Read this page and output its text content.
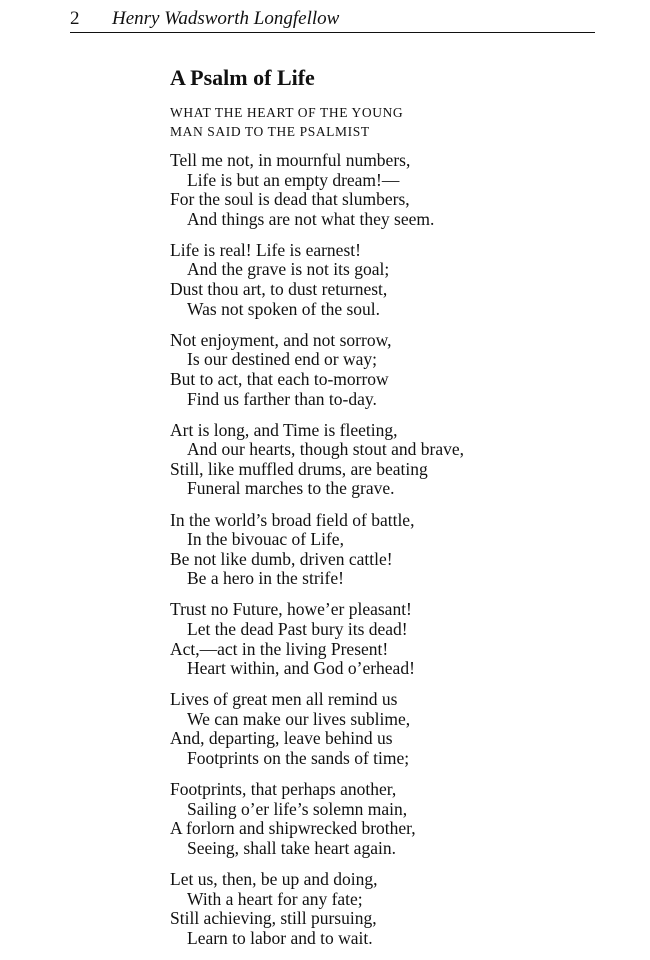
2 Henry Wadsworth Longfellow
A Psalm of Life
WHAT THE HEART OF THE YOUNG
MAN SAID TO THE PSALMIST
Tell me not, in mournful numbers,
Life is but an empty dream!—
For the soul is dead that slumbers,
And things are not what they seem.
Life is real! Life is earnest!
And the grave is not its goal;
Dust thou art, to dust returnest,
Was not spoken of the soul.
Not enjoyment, and not sorrow,
Is our destined end or way;
But to act, that each to-morrow
Find us farther than to-day.
Art is long, and Time is fleeting,
And our hearts, though stout and brave,
Still, like muffled drums, are beating
Funeral marches to the grave.
In the world’s broad field of battle,
In the bivouac of Life,
Be not like dumb, driven cattle!
Be a hero in the strife!
Trust no Future, howe’er pleasant!
Let the dead Past bury its dead!
Act,—act in the living Present!
Heart within, and God o’erhead!
Lives of great men all remind us
We can make our lives sublime,
And, departing, leave behind us
Footprints on the sands of time;
Footprints, that perhaps another,
Sailing o’er life’s solemn main,
A forlorn and shipwrecked brother,
Seeing, shall take heart again.
Let us, then, be up and doing,
With a heart for any fate;
Still achieving, still pursuing,
Learn to labor and to wait.
